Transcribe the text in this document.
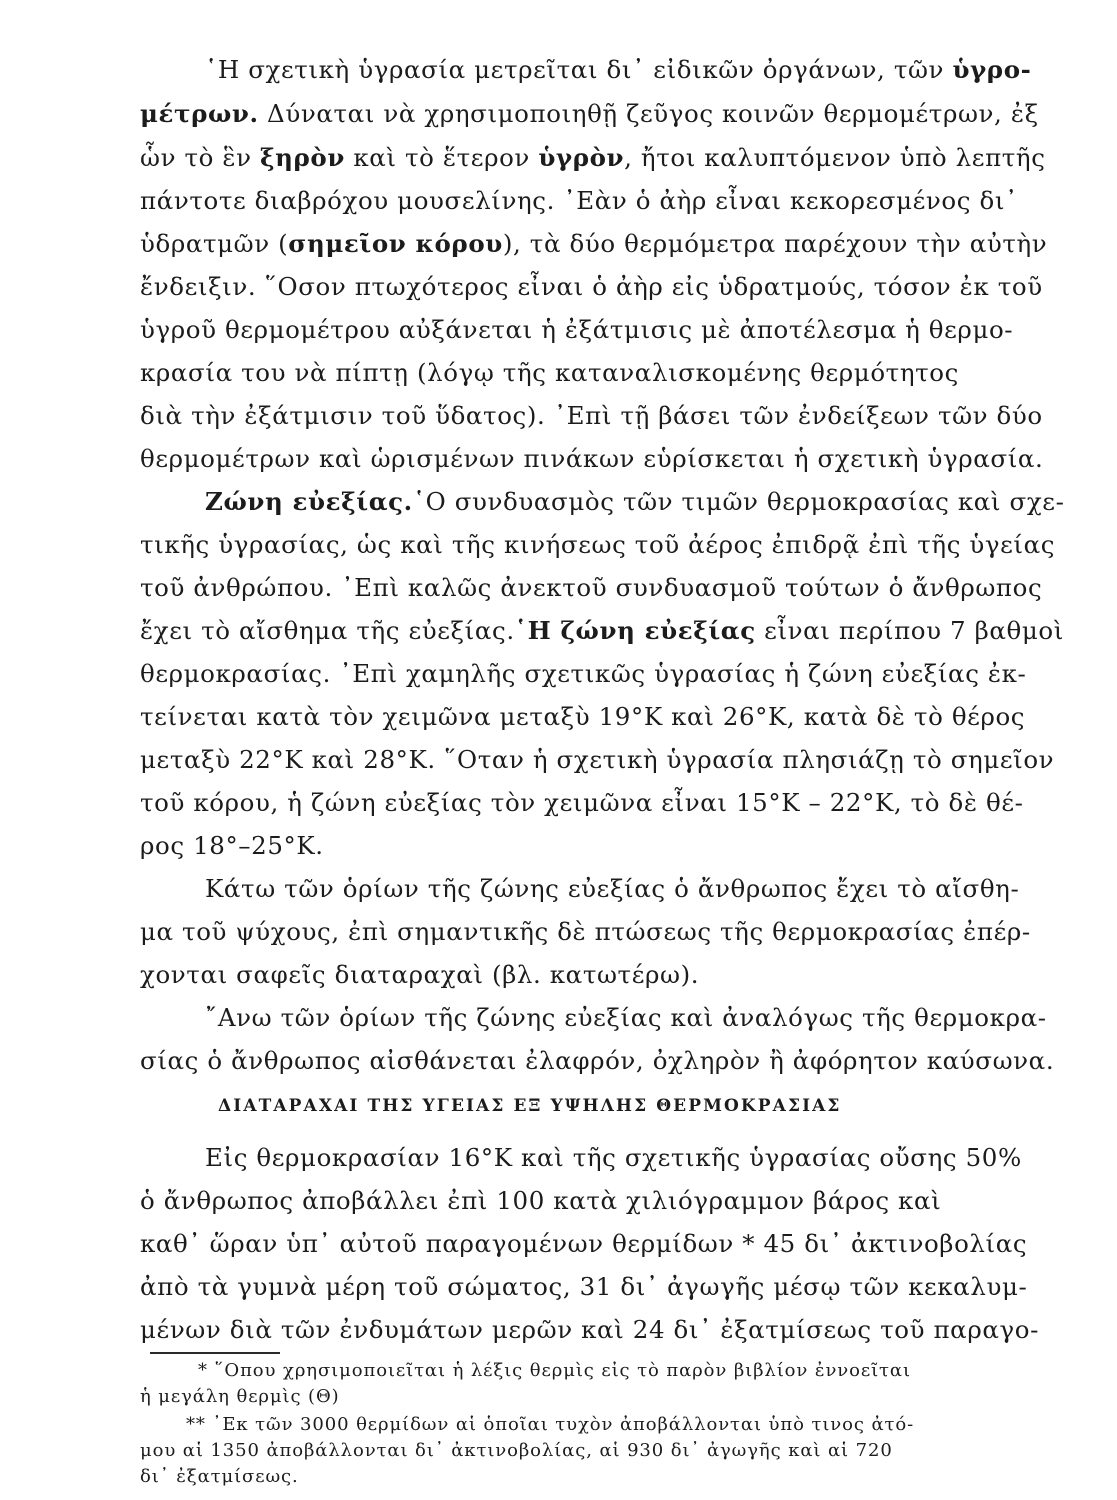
῾Η σχετικὴ ὑγρασία μετρεῖται δι᾿ εἰδικῶν ὀργάνων, τῶν ὑγρο-

μέτρων. Δύναται νὰ χρησιμοποιηθῇ ζεῦγος κοινῶν θερμομέτρων, ἐξ

ὧν τὸ ἓν ξηρὸν καὶ τὸ ἕτερον ὑγρὸν, ἤτοι καλυπτόμενον ὑπὸ λεπτῆς

πάντοτε διαβρόχου μουσελίνης. ᾿Εὰν ὁ ἀὴρ εἶναι κεκορεσμένος δι᾿

ὑδρατμῶν (σημεῖον κόρου), τὰ δύο θερμόμετρα παρέχουν τὴν αὐτὴν

ἔνδειξιν. ῞Οσον πτωχότερος εἶναι ὁ ἀὴρ εἰς ὑδρατμούς, τόσον ἐκ τοῦ

ὑγροῦ θερμομέτρου αὐξάνεται ἡ ἐξάτμισις μὲ ἀποτέλεσμα ἡ θερμο-

κρασία του νὰ πίπτῃ (λόγῳ τῆς καταναλισκομένης θερμότητος

διὰ τὴν ἐξάτμισιν τοῦ ὕδατος). ᾿Επὶ τῇ βάσει τῶν ἐνδείξεων τῶν δύο

θερμομέτρων καὶ ὡρισμένων πινάκων εὑρίσκεται ἡ σχετικὴ ὑγρασία.

Ζώνη εὐεξίας.῾Ο συνδυασμὸς τῶν τιμῶν θερμοκρασίας καὶ σχε-

τικῆς ὑγρασίας, ὡς καὶ τῆς κινήσεως τοῦ ἀέρος ἐπιδρᾷ ἐπὶ τῆς ὑγείας

τοῦ ἀνθρώπου. ᾿Επὶ καλῶς ἀνεκτοῦ συνδυασμοῦ τούτων ὁ ἄνθρωπος

ἔχει τὸ αἴσθημα τῆς εὐεξίας.῾Η ζώνη εὐεξίας εἶναι περίπου 7 βαθμοὶ

θερμοκρασίας. ᾿Επὶ χαμηλῆς σχετικῶς ὑγρασίας ἡ ζώνη εὐεξίας ἐκ-

τείνεται κατὰ τὸν χειμῶνα μεταξὺ 19°Κ καὶ 26°Κ, κατὰ δὲ τὸ θέρος

μεταξὺ 22°Κ καὶ 28°Κ. ῞Οταν ἡ σχετικὴ ὑγρασία πλησιάζῃ τὸ σημεῖον

τοῦ κόρου, ἡ ζώνη εὐεξίας τὸν χειμῶνα εἶναι 15°Κ – 22°Κ, τὸ δὲ θέ-

ρος 18°–25°Κ.

Κάτω τῶν ὁρίων τῆς ζώνης εὐεξίας ὁ ἄνθρωπος ἔχει τὸ αἴσθη-

μα τοῦ ψύχους, ἐπὶ σημαντικῆς δὲ πτώσεως τῆς θερμοκρασίας ἐπέρ-

χονται σαφεῖς διαταραχαὶ (βλ. κατωτέρω).

῎Ανω τῶν ὁρίων τῆς ζώνης εὐεξίας καὶ ἀναλόγως τῆς θερμοκρα-

σίας ὁ ἄνθρωπος αἰσθάνεται ἐλαφρόν, ὀχληρὸν ἢ ἀφόρητον καύσωνα.

ΔΙΑΤΑΡΑΧΑΙ ΤΗΣ ΥΓΕΙΑΣ ΕΞ ΥΨΗΛΗΣ ΘΕΡΜΟΚΡΑΣΙΑΣ

Εἰς θερμοκρασίαν 16°Κ καὶ τῆς σχετικῆς ὑγρασίας οὔσης 50%

ὁ ἄνθρωπος ἀποβάλλει ἐπὶ 100 κατὰ χιλιόγραμμον βάρος καὶ

καθ᾿ ὥραν ὑπ᾿ αὐτοῦ παραγομένων θερμίδων * 45 δι᾿ ἀκτινοβολίας

ἀπὸ τὰ γυμνὰ μέρη τοῦ σώματος, 31 δι᾿ ἀγωγῆς μέσῳ τῶν κεκαλυμ-

μένων διὰ τῶν ἐνδυμάτων μερῶν καὶ 24 δι᾿ ἐξατμίσεως τοῦ παραγο-

* ῞Οπου χρησιμοποιεῖται ἡ λέξις θερμὶς εἰς τὸ παρὸν βιβλίον ἐννοεῖται

ἡ μεγάλη θερμὶς (Θ)

** ᾿Εκ τῶν 3000 θερμίδων αἱ ὁποῖαι τυχὸν ἀποβάλλονται ὑπὸ τινος ἀτό-

μου αἱ 1350 ἀποβάλλονται δι᾿ ἀκτινοβολίας, αἱ 930 δι᾿ ἀγωγῆς καὶ αἱ 720

δι᾿ ἐξατμίσεως.
